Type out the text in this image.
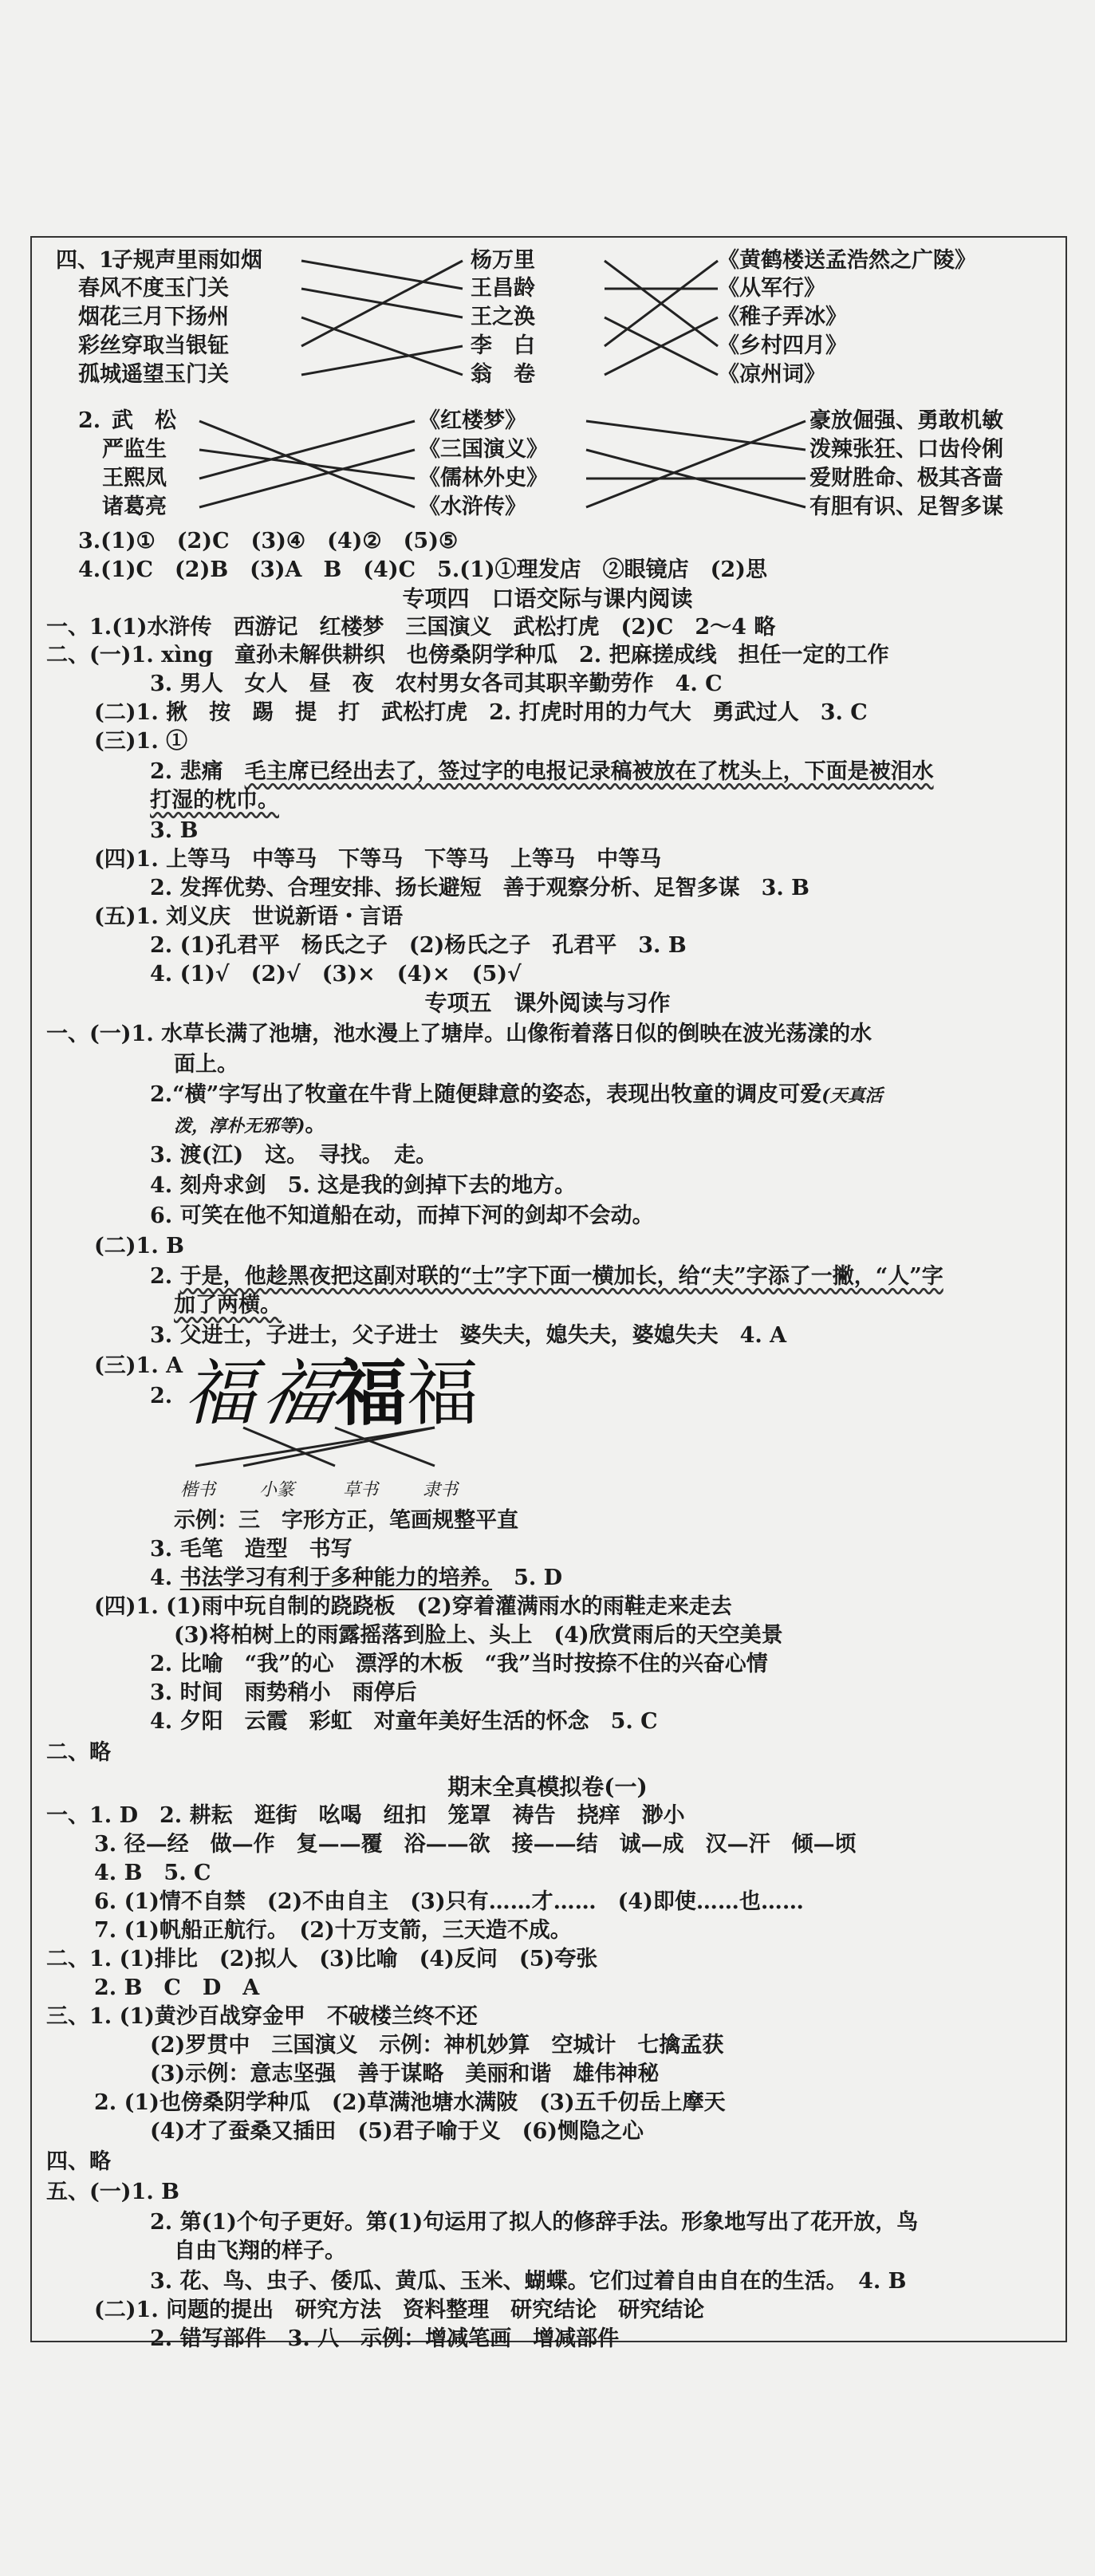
四、1.
子规声里雨如烟
春风不度玉门关
烟花三月下扬州
彩丝穿取当银钲
孤城遥望玉门关
杨万里
王昌龄
王之涣
李　白
翁　卷
《黄鹤楼送孟浩然之广陵》
《从军行》
《稚子弄冰》
《乡村四月》
《凉州词》
2. 武　松
严监生
王熙凤
诸葛亮
《红楼梦》
《三国演义》
《儒林外史》
《水浒传》
豪放倔强、勇敢机敏
泼辣张狂、口齿伶俐
爱财胜命、极其吝啬
有胆有识、足智多谋
3.(1)①　(2)C　(3)④　(4)②　(5)⑤
4.(1)C　(2)B　(3)A　B　(4)C　5.(1)①理发店　②眼镜店　(2)思
专项四　口语交际与课内阅读
一、1.(1)水浒传　西游记　红楼梦　三国演义　武松打虎　(2)C　2～4 略
二、(一)1. xìng　童孙未解供耕织　也傍桑阴学种瓜　2. 把麻搓成线　担任一定的工作
3. 男人　女人　昼　夜　农村男女各司其职辛勤劳作　4. C
(二)1. 揪　按　踢　提　打　武松打虎　2. 打虎时用的力气大　勇武过人　3. C
(三)1. ①
2. 悲痛　毛主席已经出去了，签过字的电报记录稿被放在了枕头上，下面是被泪水
打湿的枕巾。
3. B
(四)1. 上等马　中等马　下等马　下等马　上等马　中等马
2. 发挥优势、合理安排、扬长避短　善于观察分析、足智多谋　3. B
(五)1. 刘义庆　世说新语・言语
2. (1)孔君平　杨氏之子　(2)杨氏之子　孔君平　3. B
4. (1)√　(2)√　(3)×　(4)×　(5)√
专项五　课外阅读与习作
一、(一)1. 水草长满了池塘，池水漫上了塘岸。山像衔着落日似的倒映在波光荡漾的水
面上。
2.“横”字写出了牧童在牛背上随便肆意的姿态，表现出牧童的调皮可爱(天真活
泼，淳朴无邪等)。
3. 渡(江)　这。　寻找。　走。
4. 刻舟求剑　5. 这是我的剑掉下去的地方。
6. 可笑在他不知道船在动，而掉下河的剑却不会动。
(二)1. B
2. 于是，他趁黑夜把这副对联的“士”字下面一横加长，给“夫”字添了一撇，“人”字
加了两横。
3. 父进士，子进士，父子进士　婆失夫，媳失夫，婆媳失夫　4. A
(三)1. A
2. 福
福
福 福
楷书 小篆	草书	隶书
示例：三　字形方正，笔画规整平直
3. 毛笔　造型　书写
4. 书法学习有利于多种能力的培养。　5. D
(四)1. (1)雨中玩自制的跷跷板　(2)穿着灌满雨水的雨鞋走来走去
(3)将柏树上的雨露摇落到脸上、头上　(4)欣赏雨后的天空美景
2. 比喻　“我”的心　漂浮的木板　“我”当时按捺不住的兴奋心情
3. 时间　雨势稍小　雨停后
4. 夕阳　云霞　彩虹　对童年美好生活的怀念　5. C
二、略
期末全真模拟卷(一)
一、1. D　2. 耕耘　逛街　吆喝　纽扣　笼罩　祷告　挠痒　渺小
3. 径—经　做—作　复——覆　浴——欲　接——结　诚—成　汉—汗　倾—顷
4. B　5. C
6. (1)情不自禁　(2)不由自主　(3)只有……才……　(4)即使……也……
7. (1)帆船正航行。　(2)十万支箭，三天造不成。
二、1. (1)排比　(2)拟人　(3)比喻　(4)反问　(5)夸张
2. B　C　D　A
三、1. (1)黄沙百战穿金甲　不破楼兰终不还
(2)罗贯中　三国演义　示例：神机妙算　空城计　七擒孟获
(3)示例：意志坚强　善于谋略　美丽和谐　雄伟神秘
2. (1)也傍桑阴学种瓜　(2)草满池塘水满陂　(3)五千仞岳上摩天
(4)才了蚕桑又插田　(5)君子喻于义　(6)恻隐之心
四、略
五、(一)1. B
2. 第(1)个句子更好。第(1)句运用了拟人的修辞手法。形象地写出了花开放，鸟
自由飞翔的样子。
3. 花、鸟、虫子、倭瓜、黄瓜、玉米、蝴蝶。它们过着自由自在的生活。　4. B
(二)1. 问题的提出　研究方法　资料整理　研究结论　研究结论
2. 错写部件　3. 八　示例：增减笔画　增减部件
